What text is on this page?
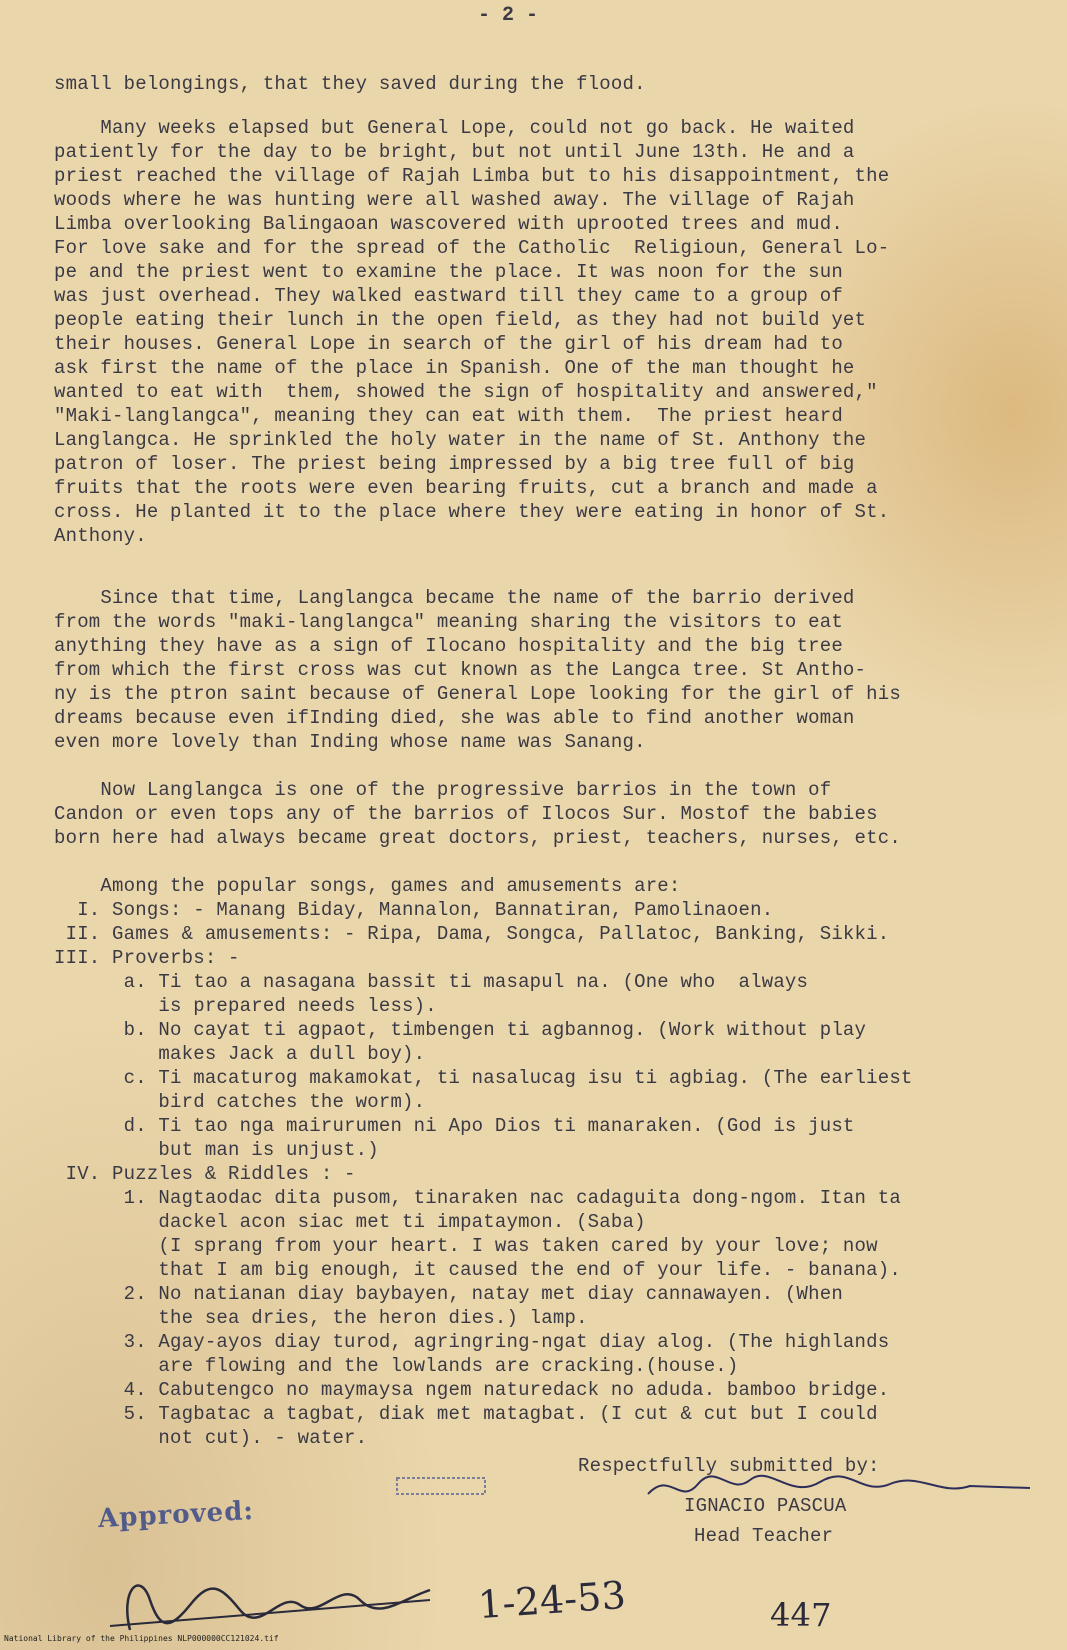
- 2 -
small belongings, that they saved during the flood.
Many weeks elapsed but General Lope, could not go back. He waited
patiently for the day to be bright, but not until June 13th. He and a
priest reached the village of Rajah Limba but to his disappointment, the
woods where he was hunting were all washed away. The village of Rajah
Limba overlooking Balingaoan wascovered with uprooted trees and mud.
For love sake and for the spread of the Catholic  Religioun, General Lo-
pe and the priest went to examine the place. It was noon for the sun
was just overhead. They walked eastward till they came to a group of
people eating their lunch in the open field, as they had not build yet
their houses. General Lope in search of the girl of his dream had to
ask first the name of the place in Spanish. One of the man thought he
wanted to eat with  them, showed the sign of hospitality and answered,"
"Maki-langlangca", meaning they can eat with them.  The priest heard
Langlangca. He sprinkled the holy water in the name of St. Anthony the
patron of loser. The priest being impressed by a big tree full of big
fruits that the roots were even bearing fruits, cut a branch and made a
cross. He planted it to the place where they were eating in honor of St.
Anthony.
Since that time, Langlangca became the name of the barrio derived
from the words "maki-langlangca" meaning sharing the visitors to eat
anything they have as a sign of Ilocano hospitality and the big tree
from which the first cross was cut known as the Langca tree. St Antho-
ny is the ptron saint because of General Lope looking for the girl of his
dreams because even ifInding died, she was able to find another woman
even more lovely than Inding whose name was Sanang.
Now Langlangca is one of the progressive barrios in the town of
Candon or even tops any of the barrios of Ilocos Sur. Mostof the babies
born here had always became great doctors, priest, teachers, nurses, etc.
Among the popular songs, games and amusements are:
I. Songs: - Manang Biday, Mannalon, Bannatiran, Pamolinaoen.
II. Games & amusements: - Ripa, Dama, Songca, Pallatoc, Banking, Sikki.
III. Proverbs: -
a. Ti tao a nasagana bassit ti masapul na. (One who  always
is prepared needs less).
b. No cayat ti agpaot, timbengen ti agbannog. (Work without play
makes Jack a dull boy).
c. Ti macaturog makamokat, ti nasalucag isu ti agbiag. (The earliest
bird catches the worm).
d. Ti tao nga mairurumen ni Apo Dios ti manaraken. (God is just
but man is unjust.)
IV. Puzzles & Riddles : -
1. Nagtaodac dita pusom, tinaraken nac cadaguita dong-ngom. Itan ta
dackel acon siac met ti impataymon. (Saba)
(I sprang from your heart. I was taken cared by your love; now
that I am big enough, it caused the end of your life. - banana).
2. No natianan diay baybayen, natay met diay cannawayen. (When
the sea dries, the heron dies.) lamp.
3. Agay-ayos diay turod, agringring-ngat diay alog. (The highlands
are flowing and the lowlands are cracking.(house.)
4. Cabutengco no maymaysa ngem naturedack no aduda. bamboo bridge.
5. Tagbatac a tagbat, diak met matagbat. (I cut & cut but I could
not cut). - water.
Respectfully submitted by:
IGNACIO PASCUA
Head Teacher
Approved:
1-24-53	447
National Library of the Philippines NLP000000CC121024.tif
